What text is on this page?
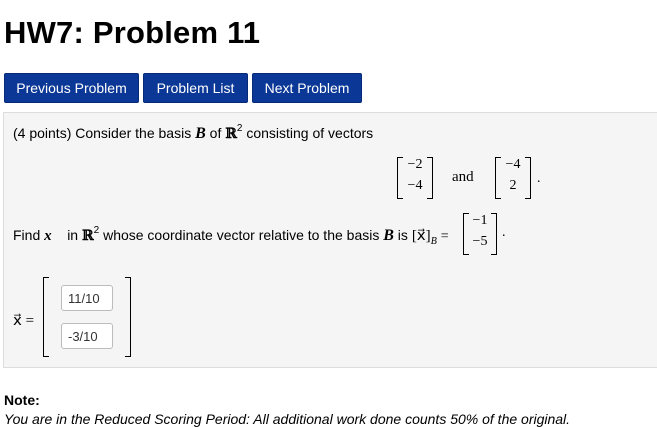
HW7: Problem 11
Previous Problem	Problem List	Next Problem
(4 points) Consider the basis B of ℝ$^2$ consisting of vectors
−2
−4
and
−4
2	.
Find x⃗ in ℝ$^2$ whose coordinate vector relative to the basis B is $[x⃗]_B$ =
−1
−5
.
x⃗ =
11/10
-3/10
Note:
You are in the Reduced Scoring Period: All additional work done counts 50% of the original.
